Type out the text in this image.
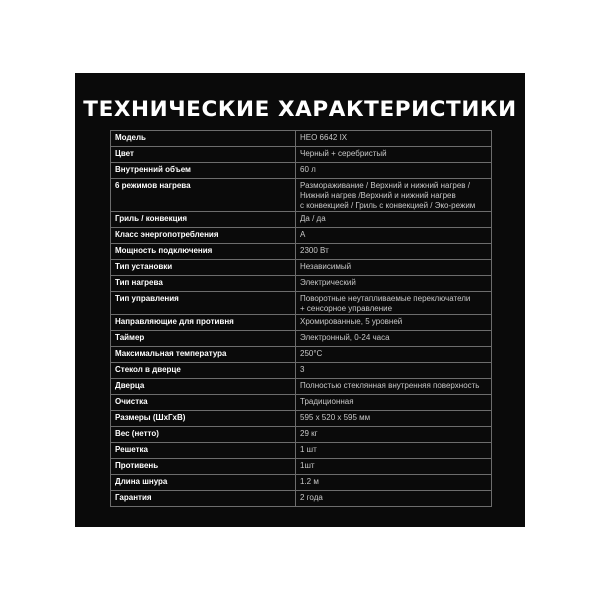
ТЕХНИЧЕСКИЕ ХАРАКТЕРИСТИКИ
Модель	HEO 6642 IX

Цвет	Черный + серебристый

Внутренний объем	60 л

6 режимов нагрева	Размораживание / Верхний и нижний нагрев /
Нижний нагрев /Верхний и нижний нагрев
с конвекцией / Гриль с конвекцией / Эко-режим

Гриль / конвекция	Да / да

Класс энергопотребления	А

Мощность подключения	2300 Вт

Тип установки	Независимый

Тип нагрева	Электрический

Тип управления	Поворотные неутапливаемые переключатели
+ сенсорное управление

Направляющие для противня	Хромированные, 5 уровней

Таймер	Электронный, 0-24 часа

Максимальная температура	250°С

Стекол в дверце	3

Дверца	Полностью стеклянная внутренняя поверхность

Очистка	Традиционная

Размеры (ШхГхВ)	595 x 520 x 595 мм

Вес (нетто)	29 кг

Решетка	1 шт

Противень	1шт

Длина шнура	1.2 м

Гарантия	2 года
